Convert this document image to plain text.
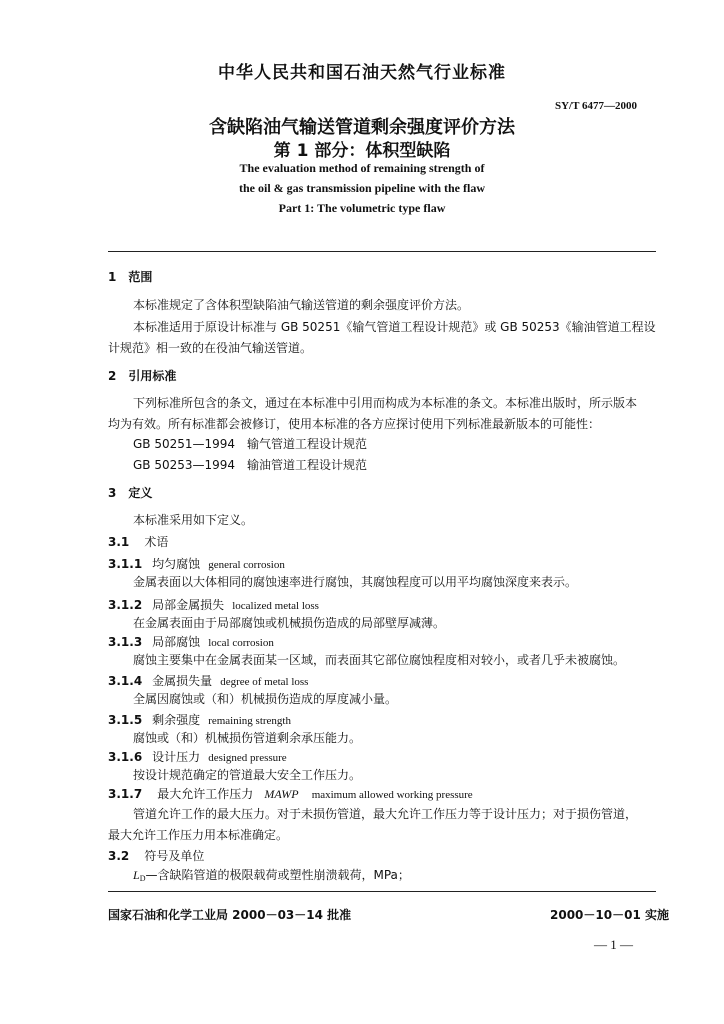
中华人民共和国石油天然气行业标准
SY/T 6477—2000
含缺陷油气输送管道剩余强度评价方法
第 1 部分：体积型缺陷
The evaluation method of remaining strength of
the oil & gas transmission pipeline with the flaw
Part 1: The volumetric type flaw
1　范围
本标准规定了含体积型缺陷油气输送管道的剩余强度评价方法。
本标准适用于原设计标准与 GB 50251《输气管道工程设计规范》或 GB 50253《输油管道工程设
计规范》相一致的在役油气输送管道。
2　引用标准
下列标准所包含的条文，通过在本标准中引用而构成为本标准的条文。本标准出版时，所示版本
均为有效。所有标准都会被修订，使用本标准的各方应探讨使用下列标准最新版本的可能性：
GB 50251—1994　输气管道工程设计规范
GB 50253—1994　输油管道工程设计规范
3　定义
本标准采用如下定义。
3.1 术语
3.1.1 均匀腐蚀 general corrosion
金属表面以大体相同的腐蚀速率进行腐蚀，其腐蚀程度可以用平均腐蚀深度来表示。
3.1.2 局部金属损失 localized metal loss
在金属表面由于局部腐蚀或机械损伤造成的局部壁厚减薄。
3.1.3 局部腐蚀 local corrosion
腐蚀主要集中在金属表面某一区域，而表面其它部位腐蚀程度相对较小，或者几乎未被腐蚀。
3.1.4 金属损失量 degree of metal loss
全属因腐蚀或（和）机械损伤造成的厚度减小量。
3.1.5 剩余强度 remaining strength
腐蚀或（和）机械损伤管道剩余承压能力。
3.1.6 设计压力 designed pressure
按设计规范确定的管道最大安全工作压力。
3.1.7 最大允许工作压力 MAWP maximum allowed working pressure
管道允许工作的最大压力。对于未损伤管道，最大允许工作压力等于设计压力；对于损伤管道，
最大允许工作压力用本标准确定。
3.2 符号及单位
$L_D—$含缺陷管道的极限载荷或塑性崩溃载荷，MPa；
国家石油和化学工业局 2000－03－14 批准	2000－10－01 实施
— 1 —
